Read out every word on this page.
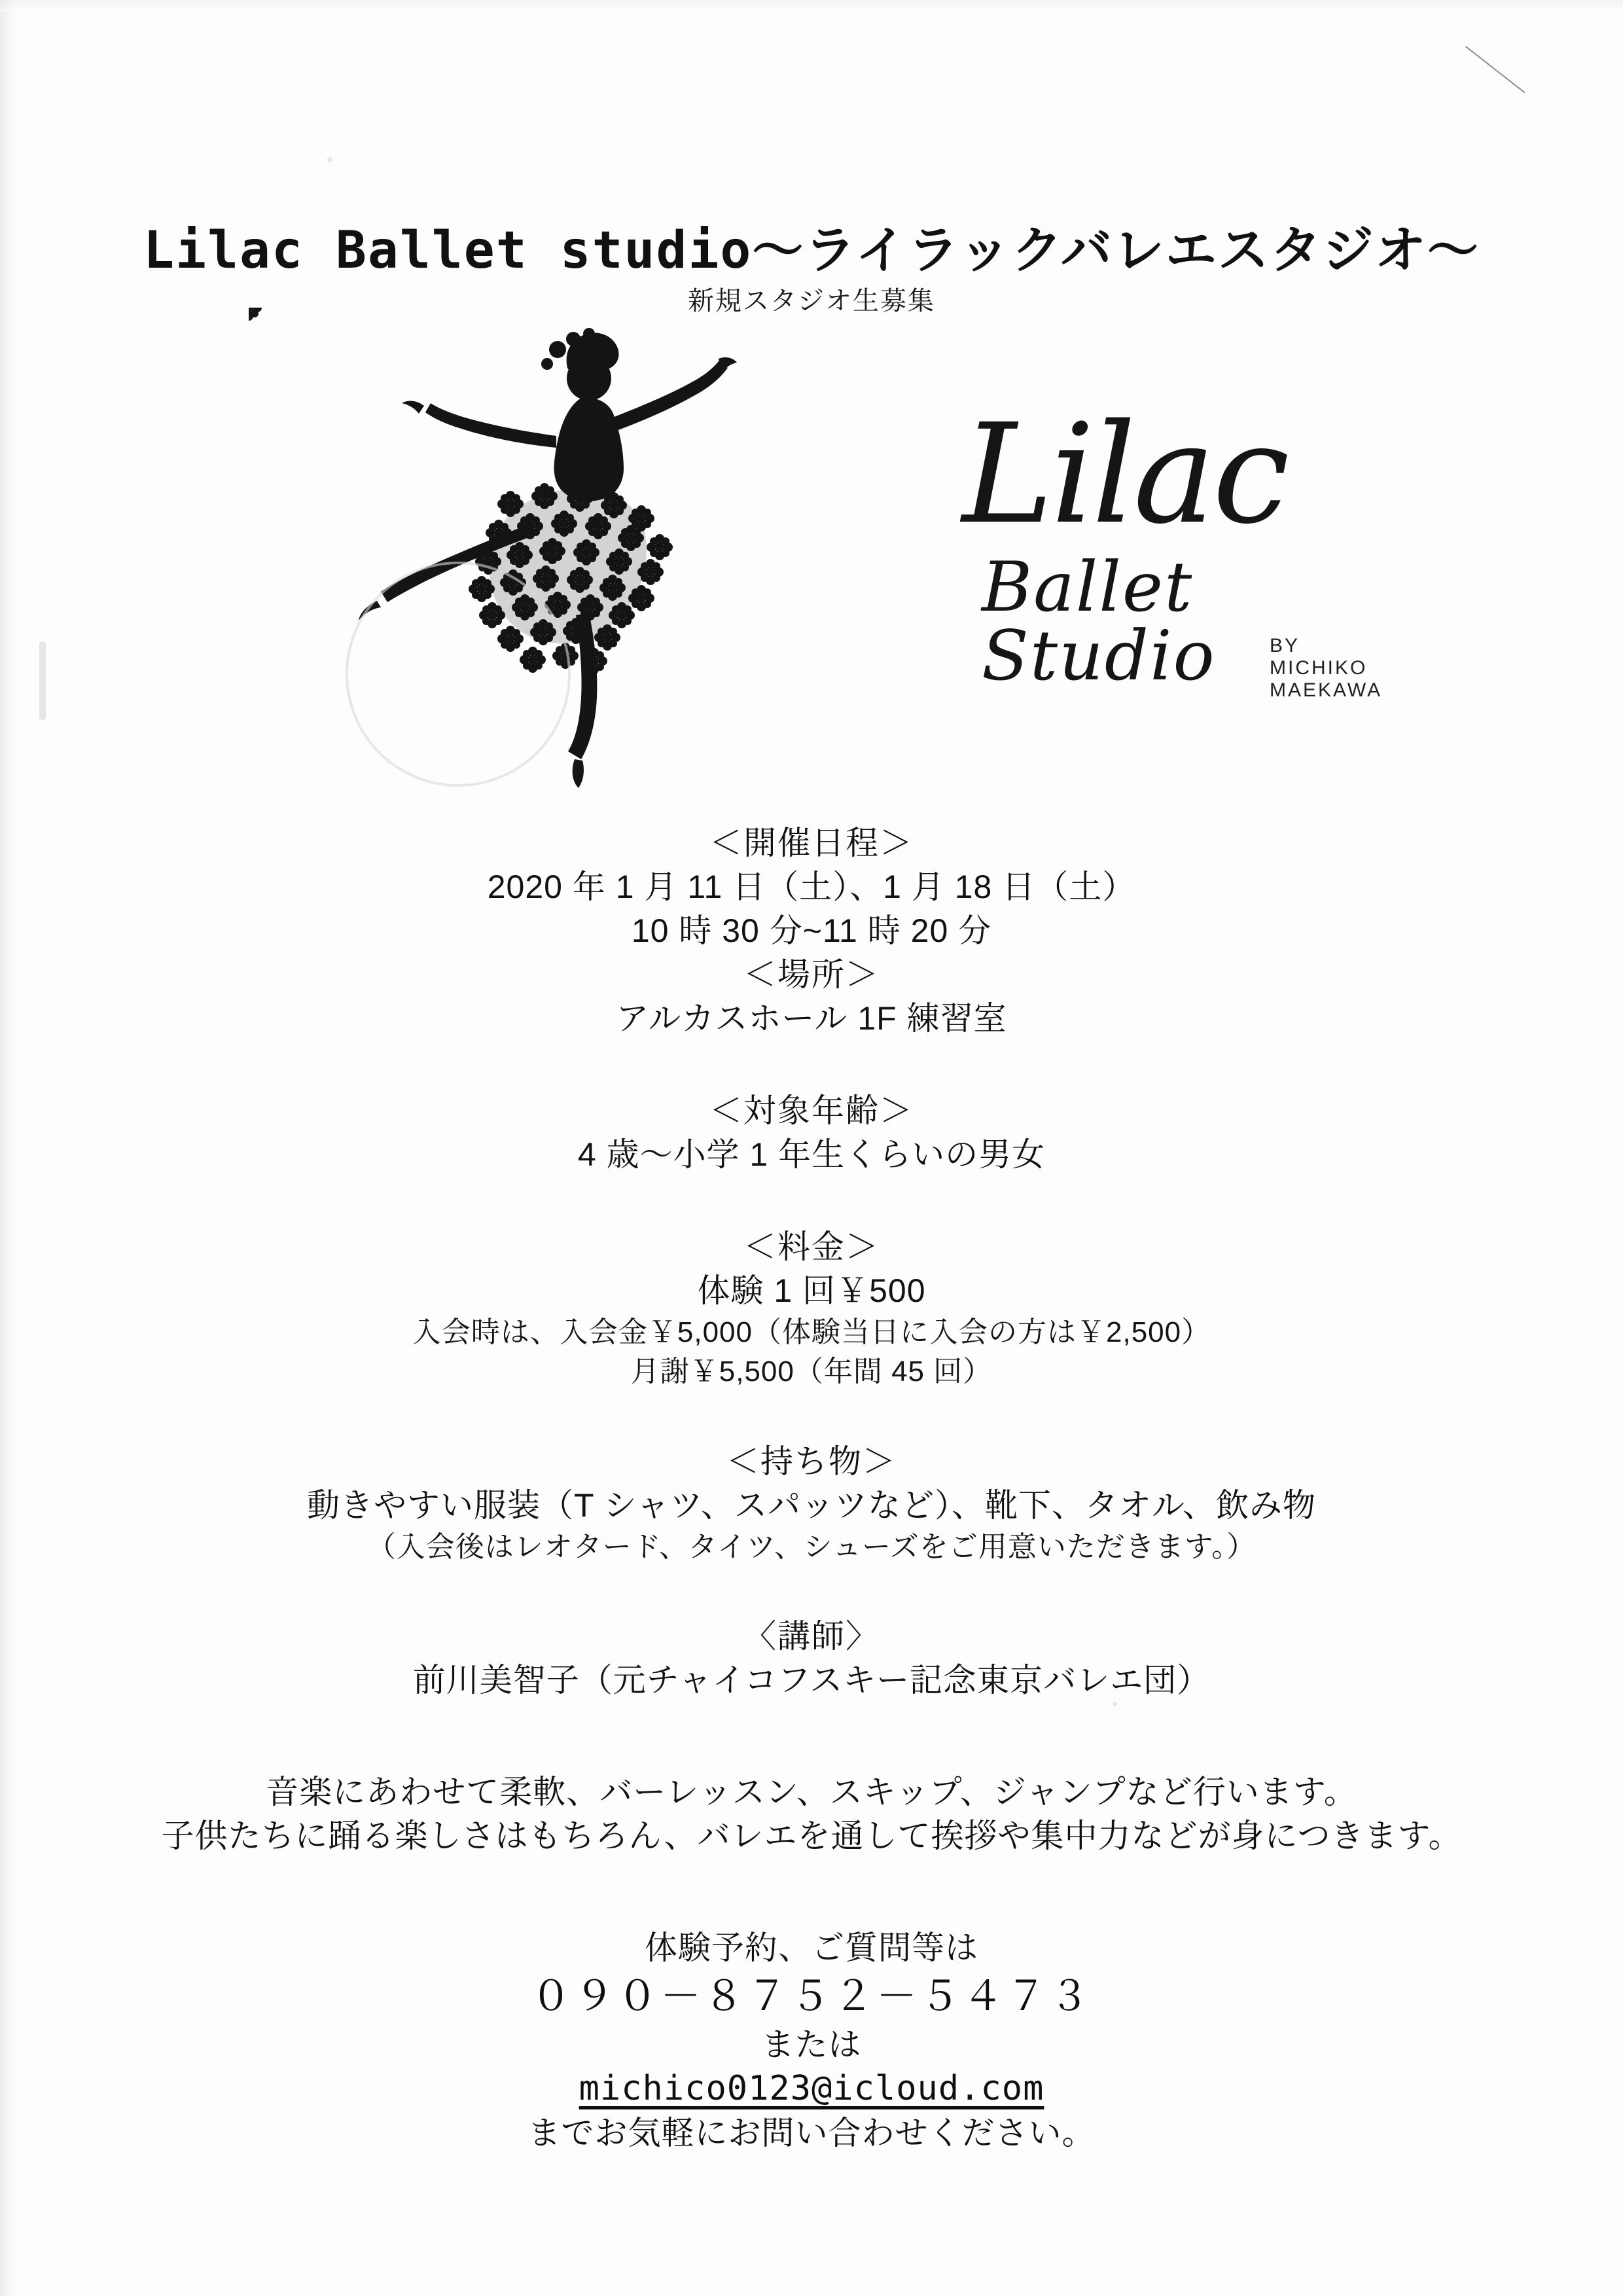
Lilac Ballet studio～ライラックバレエスタジオ～
新規スタジオ生募集
Lilac
Ballet Studio	BY MICHIKO MAEKAWA

＜開催日程＞

2020 年 1 月 11 日（土）、1 月 18 日（土）

10 時 30 分~11 時 20 分

＜場所＞

アルカスホール 1F 練習室

＜対象年齢＞

4 歳～小学 1 年生くらいの男女

＜料金＞

体験 1 回￥500

入会時は、入会金￥5,000（体験当日に入会の方は￥2,500）

月謝￥5,500（年間 45 回）

＜持ち物＞

動きやすい服装（T シャツ、スパッツなど）、靴下、タオル、飲み物

（入会後はレオタード、タイツ、シューズをご用意いただきます。）

〈講師〉

前川美智子（元チャイコフスキー記念東京バレエ団）

音楽にあわせて柔軟、バーレッスン、スキップ、ジャンプなど行います。

子供たちに踊る楽しさはもちろん、バレエを通して挨拶や集中力などが身につきます。

体験予約、ご質問等は

０９０－８７５２－５４７３

または

michico0123@icloud.com

までお気軽にお問い合わせください。
